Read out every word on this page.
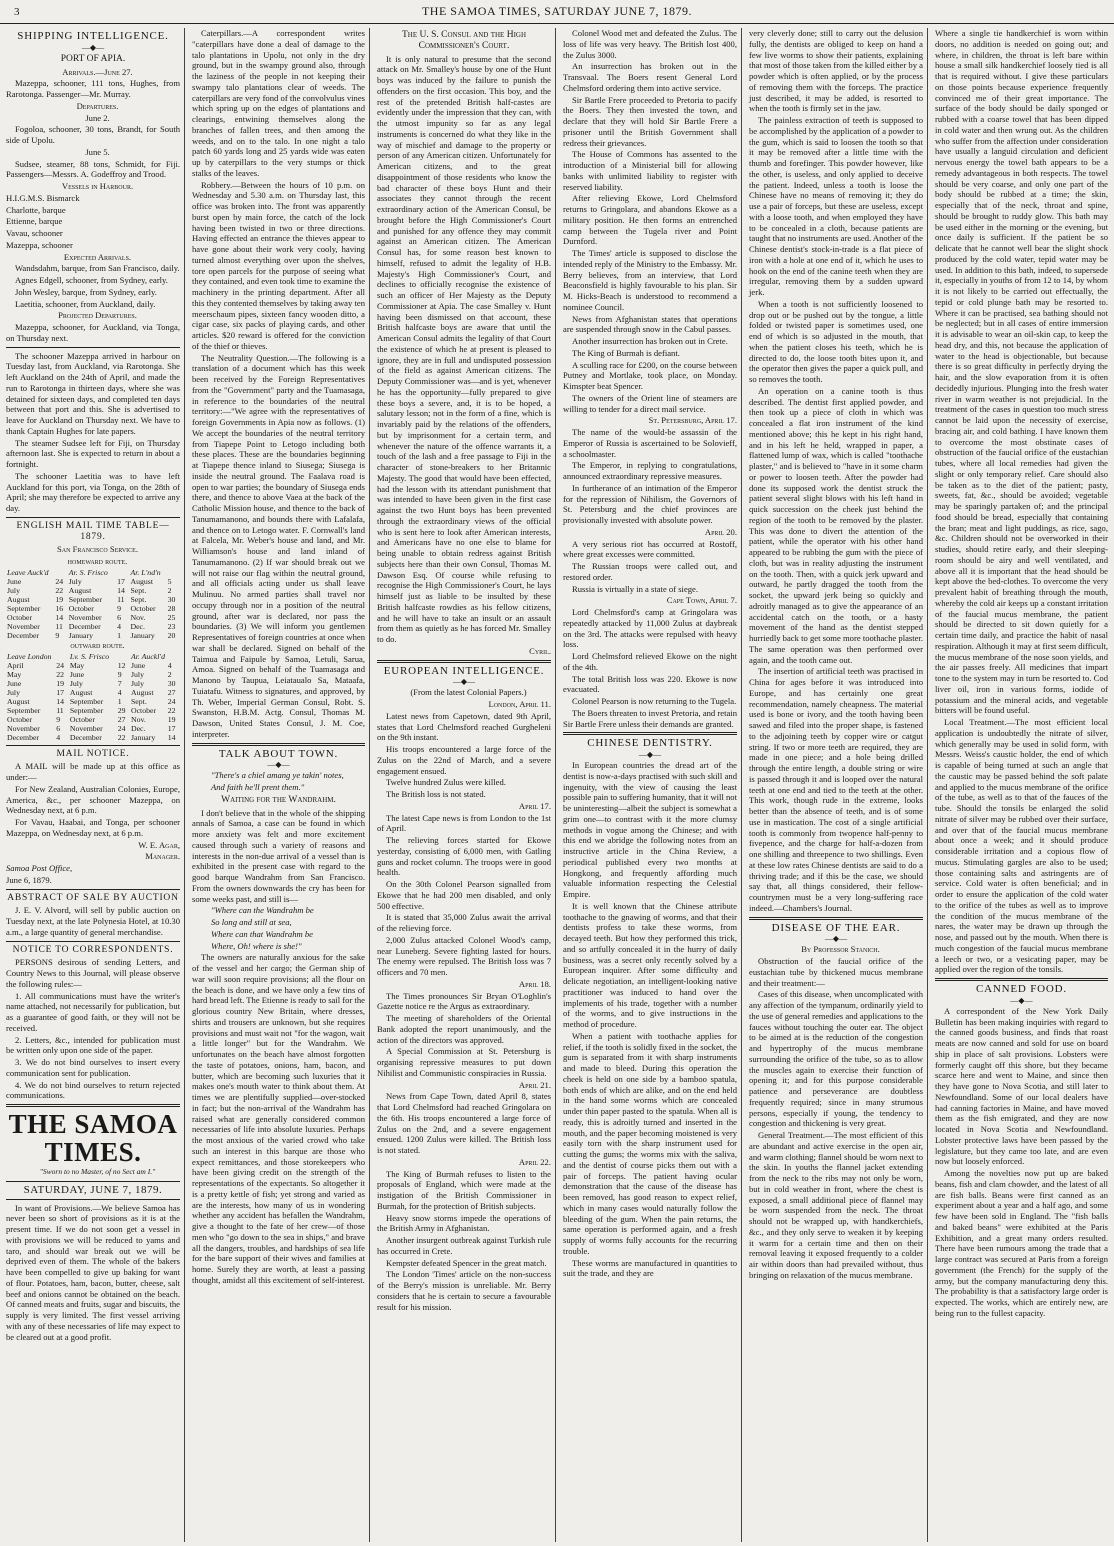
3	THE SAMOA TIMES, SATURDAY JUNE 7, 1879.
SHIPPING INTELLIGENCE.
—◆—
PORT OF APIA.

Arrivals.—June 27.

Mazeppa, schooner, 111 tons, Hughes, from Rarotonga. Passenger—Mr. Murray.

Departures.

June 2.

Fogoloa, schooner, 30 tons, Brandt, for South side of Upolu.

June 5.

Sudsee, steamer, 88 tons, Schmidt, for Fiji. Passengers—Messrs. A. Godeffroy and Trood.

Vessels in Harbour.

H.I.G.M.S. Bismarck

Charlotte, barque

Ettienne, barque

Vavau, schooner

Mazeppa, schooner

Expected Arrivals.

Wandsdahm, barque, from San Francisco, daily.

Agnes Edgell, schooner, from Sydney, early.

John Wesley, barque, from Sydney, early.

Laetitia, schooner, from Auckland, daily.

Projected Departures.

Mazeppa, schooner, for Auckland, via Tonga, on Thursday next.

The schooner Mazeppa arrived in harbour on Tuesday last, from Auckland, via Rarotonga. She left Auckland on the 24th of April, and made the run to Rarotonga in thirteen days, where she was detained for sixteen days, and completed ten days between that port and this. She is advertised to leave for Auckland on Thursday next. We have to thank Captain Hughes for late papers.

The steamer Sudsee left for Fiji, on Thursday afternoon last. She is expected to return in about a fortnight.

The schooner Laetitia was to have left Auckland for this port, via Tonga, on the 28th of April; she may therefore be expected to arrive any day.

ENGLISH MAIL TIME TABLE—1879.

San Francisco Service.

homeward route.

Leave Auck'd		Ar. S. Frisco		Ar. L'nd'n	
June	24	July	17	August	5
July	22	August	14	Sept.	2
August	19	September	11	Sept.	30
September	16	October	9	October	28
October	14	November	6	Nov.	25
November	11	December	4	Dec.	23
December	9	January	1	January	20

outward route.

Leave London		Lv. S. Frisco		Ar. Auckl'd	
April	24	May	12	June	4
May	22	June	9	July	2
June	19	July	7	July	30
July	17	August	4	August	27
August	14	September	1	Sept.	24
September	11	September	29	October	22
October	9	October	27	Nov.	19
November	6	November	24	Dec.	17
December	4	December	22	January	14
MAIL NOTICE.

A MAIL will be made up at this office as under:—

For New Zealand, Australian Colonies, Europe, America, &c., per schooner Mazeppa, on Wednesday next, at 6 p.m.

For Vavau, Haabai, and Tonga, per schooner Mazeppa, on Wednesday next, at 6 p.m.

W. E. Agar,

Manager.

Samoa Post Office,

June 6, 1879.

ABSTRACT OF SALE BY AUCTION

J. E. V. Alvord, will sell by public auction on Tuesday next, at the late Polynesia Hotel, at 10.30 a.m., a large quantity of general merchandise.

NOTICE TO CORRESPONDENTS.

PERSONS desirous of sending Letters, and Country News to this Journal, will please observe the following rules:—

1. All communications must have the writer's name attached, not necessarily for publication, but as a guarantee of good faith, or they will not be received.

2. Letters, &c., intended for publication must be written only upon one side of the paper.

3. We do not bind ourselves to insert every communication sent for publication.

4. We do not bind ourselves to return rejected communications.

THE SAMOA TIMES.

"Sworn to no Master, of no Sect am I."

SATURDAY, JUNE 7, 1879.

In want of Provisions.—We believe Samoa has never been so short of provisions as it is at the present time. If we do not soon get a vessel in with provisions we will be reduced to yams and taro, and should war break out we will be deprived even of them. The whole of the bakers have been compelled to give up baking for want of flour. Potatoes, ham, bacon, butter, cheese, salt beef and onions cannot be obtained on the beach. Of canned meats and fruits, sugar and biscuits, the supply is very limited. The first vessel arriving with any of these necessaries of life may expect to be cleared out at a good profit.

Caterpillars.—A correspondent writes "caterpillars have done a deal of damage to the talo plantations in Upolu, not only in the dry ground, but in the swampy ground also, through the laziness of the people in not keeping their swampy talo plantations clear of weeds. The caterpillars are very fond of the convolvulus vines which spring up on the edges of plantations and clearings, entwining themselves along the branches of fallen trees, and then among the weeds, and on to the talo. In one night a talo patch 60 yards long and 25 yards wide was eaten up by caterpillars to the very stumps or thick stalks of the leaves.

Robbery.—Between the hours of 10 p.m. on Wednesday and 5.30 a.m. on Thursday last, this office was broken into. The front was apparently burst open by main force, the catch of the lock having been twisted in two or three directions. Having effected an entrance the thieves appear to have gone about their work very cooly, having turned almost everything over upon the shelves, tore open parcels for the purpose of seeing what they contained, and even took time to examine the machinery in the printing department. After all this they contented themselves by taking away ten meerschaum pipes, sixteen fancy wooden ditto, a cigar case, six packs of playing cards, and other articles. $20 reward is offered for the conviction of the thief or thieves.

The Neutrality Question.—The following is a translation of a document which has this week been received by the Foreign Representatives from the "Government" party and the Tuamasaga, in reference to the boundaries of the neutral territory:—"We agree with the representatives of foreign Governments in Apia now as follows. (1) We accept the boundaries of the neutral territory from Tiapepe Point to Letogo including both these places. These are the boundaries beginning at Tiapepe thence inland to Siusega; Siusega is inside the neutral ground. The Faalava road is open to war parties; the boundary of Siusega ends there, and thence to above Vaea at the back of the Catholic Mission house, and thence to the back of Tanumamanono, and bounds there with Lafalafa, and thence on to Letogo water. F. Cornwall's land at Falcela, Mr. Weber's house and land, and Mr. Williamson's house and land inland of Tanumamanono. (2) If war should break out we will not raise our flag within the neutral ground, and all officials acting under us shall leave Mulinuu. No armed parties shall travel nor occupy through nor in a position of the neutral ground, after war is declared, nor pass the boundaries. (3) We will inform you gentlemen Representatives of foreign countries at once when war shall be declared. Signed on behalf of the Taimua and Faipule by Samoa, Letuli, Sarua, Amoa. Signed on behalf of the Tuamasaga and Manono by Taupua, Leiataualo Sa, Mataafa, Tuiatafu. Witness to signatures, and approved, by Th. Weber, Imperial German Consul, Robt. S. Swanston, H.B.M. Actg. Consul, Thomas M. Dawson, United States Consul, J. M. Coe, interpreter.

TALK ABOUT TOWN.
—◆—

"There's a chiel amang ye takin' notes,

And faith he'll prent them."

Waiting for the Wandrahm.

I don't believe that in the whole of the shipping annals of Samoa, a case can be found in which more anxiety was felt and more excitement caused through such a variety of reasons and interests in the non-due arrival of a vessel than is exhibited in the present case with regard to the good barque Wandrahm from San Francisco. From the owners downwards the cry has been for some weeks past, and still is—

"Where can the Wandrahm be

So long and still at sea,

Where can that Wandrahm be

Where, Oh! where is she!"

The owners are naturally anxious for the sake of the vessel and her cargo; the German ship of war will soon require provisions; all the flour on the beach is done, and we have only a few tins of hard bread left. The Etienne is ready to sail for the glorious country New Britain, where dresses, shirts and trousers are unknown, but she requires provisions and must wait not "for the wagon, wait a little longer" but for the Wandrahm. We unfortunates on the beach have almost forgotten the taste of potatoes, onions, ham, bacon, and butter, which are becoming such luxuries that it makes one's mouth water to think about them. At times we are plentifully supplied—over-stocked in fact; but the non-arrival of the Wandrahm has raised what are generally considered common necessaries of life into absolute luxuries. Perhaps the most anxious of the varied crowd who take such an interest in this barque are those who expect remittances, and those storekeepers who have been giving credit on the strength of the representations of the expectants. So altogether it is a pretty kettle of fish; yet strong and varied as are the interests, how many of us in wondering whether any accident has befallen the Wandrahm, give a thought to the fate of her crew—of those men who "go down to the sea in ships," and brave all the dangers, troubles, and hardships of sea life for the bare support of their wives and families at home. Surely they are worth, at least a passing thought, amidst all this excitement of self-interest.

The U. S. Consul and the High Commissioner's Court.

It is only natural to presume that the second attack on Mr. Smalley's house by one of the Hunt boys was induced by the failure to punish the offenders on the first occasion. This boy, and the rest of the pretended British half-castes are evidently under the impression that they can, with the utmost impunity so far as any legal instruments is concerned do what they like in the way of mischief and damage to the property or person of any American citizen. Unfortunately for American citizens, and to the great disappointment of those residents who know the bad character of these boys Hunt and their associates they cannot through the recent extraordinary action of the American Consul, be brought before the High Commissioner's Court and punished for any offence they may commit against an American citizen. The American Consul has, for some reason best known to himself, refused to admit the legality of H.B. Majesty's High Commissioner's Court, and declines to officially recognise the existence of such an officer of Her Majesty as the Deputy Commissioner at Apia. The case Smalley v. Hunt having been dismissed on that account, these British halfcaste boys are aware that until the American Consul admits the legality of that Court the existence of which he at present is pleased to ignore, they are in full and undisputed possession of the field as against American citizens. The Deputy Commissioner was—and is yet, whenever he has the opportunity—fully prepared to give these boys a severe, and, it is to be hoped, a salutary lesson; not in the form of a fine, which is invariably paid by the relations of the offenders, but by imprisonment for a certain term, and whenever the nature of the offence warrants it, a touch of the lash and a free passage to Fiji in the character of stone-breakers to her Britannic Majesty. The good that would have been effected, had the lesson with its attendant punishment that was intended to have been given in the first case against the two Hunt boys has been prevented through the extraordinary views of the official who is sent here to look after American interests, and Americans have no one else to blame for being unable to obtain redress against British subjects here than their own Consul, Thomas M. Dawson Esq. Of course while refusing to recognise the High Commissioner's Court, he lays himself just as liable to be insulted by these British halfcaste rowdies as his fellow citizens, and he will have to take an insult or an assault from them as quietly as he has forced Mr. Smalley to do.

Cyril.

EUROPEAN INTELLIGENCE.
—◆—

(From the latest Colonial Papers.)

London, April 11.

Latest news from Capetown, dated 9th April, states that Lord Chelmsford reached Gurgheleni on the 9th instant.

His troops encountered a large force of the Zulus on the 22nd of March, and a severe engagement ensued.

Twelve hundred Zulus were killed.

The British loss is not stated.

April 17.

The latest Cape news is from London to the 1st of April.

The relieving forces started for Ekowe yesterday, consisting of 6,000 men, with Gatling guns and rocket column. The troops were in good health.

On the 30th Colonel Pearson signalled from Ekowe that he had 200 men disabled, and only 500 effective.

It is stated that 35,000 Zulus await the arrival of the relieving force.

2,000 Zulus attacked Colonel Wood's camp, near Luneberg. Severe fighting lasted for hours. The enemy were repulsed. The British loss was 7 officers and 70 men.

April 18.

The Times pronounces Sir Bryan O'Loghlin's Gazette notice re the Argus as extraordinary.

The meeting of shareholders of the Oriental Bank adopted the report unanimously, and the action of the directors was approved.

A Special Commission at St. Petersburg is organising repressive measures to put down Nihilist and Communistic conspiracies in Russia.

April 21.

News from Cape Town, dated April 8, states that Lord Chelmsford had reached Gringolara on the 6th. His troops encountered a large force of Zulus on the 2nd, and a severe engagement ensued. 1200 Zulus were killed. The British loss is not stated.

April 22.

The King of Burmah refuses to listen to the proposals of England, which were made at the instigation of the British Commissioner in Burmah, for the protection of British subjects.

Heavy snow storms impede the operations of the British Army in Afghanistan.

Another insurgent outbreak against Turkish rule has occurred in Crete.

Kempster defeated Spencer in the great match.

The London 'Times' article on the non-success of the Berry's mission is unreliable. Mr. Berry considers that he is certain to secure a favourable result for his mission.

Colonel Wood met and defeated the Zulus. The loss of life was very heavy. The British lost 400, the Zulus 3000.

An insurrection has broken out in the Transvaal. The Boers resent General Lord Chelmsford ordering them into active service.

Sir Bartle Frere proceeded to Pretoria to pacify the Boers. They then invested the town, and declare that they will hold Sir Bartle Frere a prisoner until the British Government shall redress their grievances.

The House of Commons has assented to the introduction of a Ministerial bill for allowing banks with unlimited liability to register with reserved liability.

After relieving Ekowe, Lord Chelmsford returns to Gringolara, and abandons Ekowe as a military position. He then forms an entrenched camp between the Tugela river and Point Durnford.

The Times' article is supposed to disclose the intended reply of the Ministry to the Embassy. Mr. Berry believes, from an interview, that Lord Beaconsfield is highly favourable to his plan. Sir M. Hicks-Beach is understood to recommend a nominee Council.

News from Afghanistan states that operations are suspended through snow in the Cabul passes.

Another insurrection has broken out in Crete.

The King of Burmah is defiant.

A sculling race for £200, on the course between Putney and Mortlake, took place, on Monday. Kimspter beat Spencer.

The owners of the Orient line of steamers are willing to tender for a direct mail service.

St. Petersburg, April 17.

The name of the would-be assassin of the Emperor of Russia is ascertained to be Solovieff, a schoolmaster.

The Emperor, in replying to congratulations, announced extraordinary repressive measures.

In furtherance of an intimation of the Emperor for the repression of Nihilism, the Governors of St. Petersburg and the chief provinces are provisionally invested with absolute power.

April 20.

A very serious riot has occurred at Rostoff, where great excesses were committed.

The Russian troops were called out, and restored order.

Russia is virtually in a state of siege.

Cape Town, April 7.

Lord Chelmsford's camp at Gringolara was repeatedly attacked by 11,000 Zulus at daybreak on the 3rd. The attacks were repulsed with heavy loss.

Lord Chelmsford relieved Ekowe on the night of the 4th.

The total British loss was 220. Ekowe is now evacuated.

Colonel Pearson is now returning to the Tugela.

The Boers threaten to invest Pretoria, and retain Sir Bartle Frere unless their demands are granted.

CHINESE DENTISTRY.
—◆—

In European countries the dread art of the dentist is now-a-days practised with such skill and ingenuity, with the view of causing the least possible pain to suffering humanity, that it will not be uninteresting—albeit the subject is somewhat a grim one—to contrast with it the more clumsy methods in vogue among the Chinese; and with this end we abridge the following notes from an instructive article in the China Review, a periodical published every two months at Hongkong, and frequently affording much valuable information respecting the Celestial Empire.

It is well known that the Chinese attribute toothache to the gnawing of worms, and that their dentists profess to take these worms, from decayed teeth. But how they performed this trick, and so artfully concealed it in the hurry of daily business, was a secret only recently solved by a European inquirer. After some difficulty and delicate negotiation, an intelligent-looking native practitioner was induced to hand over the implements of his trade, together with a number of the worms, and to give instructions in the method of procedure.

When a patient with toothache applies for relief, if the tooth is solidly fixed in the socket, the gum is separated from it with sharp instruments and made to bleed. During this operation the cheek is held on one side by a bamboo spatula, both ends of which are alike, and on the end held in the hand some worms which are concealed under thin paper pasted to the spatula. When all is ready, this is adroitly turned and inserted in the mouth, and the paper becoming moistened is very easily torn with the sharp instrument used for cutting the gums; the worms mix with the saliva, and the dentist of course picks them out with a pair of forceps. The patient having ocular demonstration that the cause of the disease has been removed, has good reason to expect relief, which in many cases would naturally follow the bleeding of the gum. When the pain returns, the same operation is performed again, and a fresh supply of worms fully accounts for the recurring trouble.

These worms are manufactured in quantities to suit the trade, and they are

very cleverly done; still to carry out the delusion fully, the dentists are obliged to keep on hand a few live worms to show their patients, explaining that most of those taken from the killed either by a powder which is often applied, or by the process of removing them with the forceps. The practice just described, it may be added, is resorted to when the tooth is firmly set in the jaw.

The painless extraction of teeth is supposed to be accomplished by the application of a powder to the gum, which is said to loosen the tooth so that it may be removed after a little time with the thumb and forefinger. This powder however, like the other, is useless, and only applied to deceive the patient. Indeed, unless a tooth is loose the Chinese have no means of removing it; they do use a pair of forceps, but these are useless, except with a loose tooth, and when employed they have to be concealed in a cloth, because patients are taught that no instruments are used. Another of the Chinese dentist's stock-in-trade is a flat piece of iron with a hole at one end of it, which he uses to hook on the end of the canine teeth when they are irregular, removing them by a sudden upward jerk.

When a tooth is not sufficiently loosened to drop out or be pushed out by the tongue, a little folded or twisted paper is sometimes used, one end of which is so adjusted in the mouth, that when the patient closes his teeth, which he is directed to do, the loose tooth bites upon it, and the operator then gives the paper a quick pull, and so removes the tooth.

An operation on a canine tooth is thus described. The dentist first applied powder, and then took up a piece of cloth in which was concealed a flat iron instrument of the kind mentioned above; this he kept in his right hand, and in his left he held, wrapped in paper, a flattened lump of wax, which is called "toothache plaster," and is believed to "have in it some charm or power to loosen teeth. After the powder had done its supposed work the dentist struck the patient several slight blows with his left hand in quick succession on the cheek just behind the region of the tooth to be removed by the plaster. This was done to divert the attention of the patient, while the operator with his other hand appeared to be rubbing the gum with the piece of cloth, but was in reality adjusting the instrument on the tooth. Then, with a quick jerk upward and outward, he partly dragged the tooth from the socket, the upward jerk being so quickly and adroitly managed as to give the appearance of an accidental catch on the tooth, or a hasty movement of the hand as the dentist stepped hurriedly back to get some more toothache plaster. The same operation was then performed over again, and the tooth came out.

The insertion of artificial teeth was practised in China for ages before it was introduced into Europe, and has certainly one great recommendation, namely cheapness. The material used is bone or ivory, and the tooth having been sawed and filed into the proper shape, is fastened to the adjoining teeth by copper wire or catgut string. If two or more teeth are required, they are made in one piece; and a hole being drilled through the entire length, a double string or wire is passed through it and is looped over the natural teeth at one end and tied to the teeth at the other. This work, though rude in the extreme, looks better than the absence of teeth, and is of some use in mastication. The cost of a single artificial tooth is commonly from twopence half-penny to fivepence, and the charge for half-a-dozen from one shilling and threepence to two shillings. Even at these low rates Chinese dentists are said to do a thriving trade; and if this be the case, we should say that, all things considered, their fellow-countrymen must be a very long-suffering race indeed.—Chambers's Journal.

DISEASE OF THE EAR.
—◆—

By Professor Stanich.

Obstruction of the faucial orifice of the eustachian tube by thickened mucus membrane and their treatment:—

Cases of this disease, when uncomplicated with any affection of the tympanum, ordinarily yield to the use of general remedies and applications to the fauces without touching the outer ear. The object to be aimed at is the reduction of the congestion and hypertrophy of the mucus membrane surrounding the orifice of the tube, so as to allow the muscles again to exercise their function of opening it; and for this purpose considerable patience and perseverance are doubtless frequently required; since in many strumous persons, especially if young, the tendency to congestion and thickening is very great.

General Treatment.—The most efficient of this are abundant and active exercise in the open air, and warm clothing; flannel should be worn next to the skin. In youths the flannel jacket extending from the neck to the ribs may not only be worn, but in cold weather in front, where the chest is exposed, a small additional piece of flannel may be worn suspended from the neck. The throat should not be wrapped up, with handkerchiefs, &c., and they only serve to weaken it by keeping it warm for a certain time and then on their removal leaving it exposed frequently to a colder air within doors than had prevailed without, thus bringing on relaxation of the mucus membrane.

Where a single tie handkerchief is worn within doors, no addition is needed on going out; and where, in children, the throat is left bare within house a small silk handkerchief loosely tied is all that is required without. I give these particulars on those points because experience frequently convinced me of their great importance. The surface of the body should be daily sponged or rubbed with a coarse towel that has been dipped in cold water and then wrung out. As the children who suffer from the affection under consideration have usually a languid circulation and deficient nervous energy the towel bath appears to be a remedy advantageous in both respects. The towel should be very coarse, and only one part of the body should be rubbed at a time; the skin, especially that of the neck, throat and spine, should be brought to ruddy glow. This bath may be used either in the morning or the evening, but once daily is sufficient. If the patient be so delicate that he cannot well bear the slight shock produced by the cold water, tepid water may be used. In addition to this bath, indeed, to supersede it, especially in youths of from 12 to 14, by whom it is not likely to be carried out effectually, the tepid or cold plunge bath may be resorted to. Where it can be practised, sea bathing should not be neglected; but in all cases of entire immersion it is advisable to wear an oil-skin cap, to keep the head dry, and this, not because the application of water to the head is objectionable, but because there is so great difficulty in perfectly drying the hair, and the slow evaporation from it is often decidedly injurious. Plunging into the fresh water river in warm weather is not prejudicial. In the treatment of the cases in question too much stress cannot be laid upon the necessity of exercise, bracing air, and cold bathing. I have known them to overcome the most obstinate cases of obstruction of the faucial orifice of the eustachian tubes, where all local remedies had given the slight or only temporary relief. Care should also be taken as to the diet of the patient; pasty, sweets, fat, &c., should be avoided; vegetable may be sparingly partaken of; and the principal food should be bread, especially that containing the bran; meat and light puddings, as rice, sago, &c. Children should not be overworked in their studies, should retire early, and their sleeping-room should be airy and well ventilated, and above all it is important that the head should be kept above the bed-clothes. To overcome the very prevalent habit of breathing through the mouth, whereby the cold air keeps up a constant irritation of the faucial mucus membrane, the patient should be directed to sit down quietly for a certain time daily, and practice the habit of nasal respiration. Although it may at first seem difficult, the mucus membrane of the nose soon yields, and the air passes freely. All medicines that impart tone to the system may in turn be resorted to. Cod liver oil, iron in various forms, iodide of potassium and the mineral acids, and vegetable bitters will be found useful.

Local Treatment.—The most efficient local application is undoubtedly the nitrate of silver, which generally may be used in solid form, with Messrs. Weiss's caustic holder, the end of which is capable of being turned at such an angle that the caustic may be passed behind the soft palate and applied to the mucus membrane of the orifice of the tube, as well as to that of the fauces of the tube. Should the tonsils be enlarged the solid nitrate of silver may be rubbed over their surface, and over that of the faucial mucus membrane about once a week; and it should produce considerable irritation and a copious flow of mucus. Stimulating gargles are also to be used; those containing salts and astringents are of service. Cold water is often beneficial; and in order to ensure the application of the cold water to the orifice of the tubes as well as to improve the condition of the mucus membrane of the nares, the water may be drawn up through the nose, and passed out by the mouth. When there is much congestion of the faucial mucus membrane a leech or two, or a vesicating paper, may be applied over the region of the tonsils.

CANNED FOOD.
—◆—

A correspondent of the New York Daily Bulletin has been making inquiries with regard to the canned goods business, and finds that roast meats are now canned and sold for use on board ship in place of salt provisions. Lobsters were formerly caught off this shore, but they became scarce here and went to Maine, and since then they have gone to Nova Scotia, and still later to Newfoundland. Some of our local dealers have had canning factories in Maine, and have moved them as the fish emigrated, and they are now located in Nova Scotia and Newfoundland. Lobster protective laws have been passed by the legislature, but they came too late, and are even now but loosely enforced.

Among the novelties now put up are baked beans, fish and clam chowder, and the latest of all are fish balls. Beans were first canned as an experiment about a year and a half ago, and some few have been sold in England. The "fish balls and baked beans" were exhibited at the Paris Exhibition, and a great many orders resulted. There have been rumours among the trade that a large contract was secured at Paris from a foreign government (the French) for the supply of the army, but the company manufacturing deny this. The probability is that a satisfactory large order is expected. The works, which are entirely new, are being run to the fullest capacity.
